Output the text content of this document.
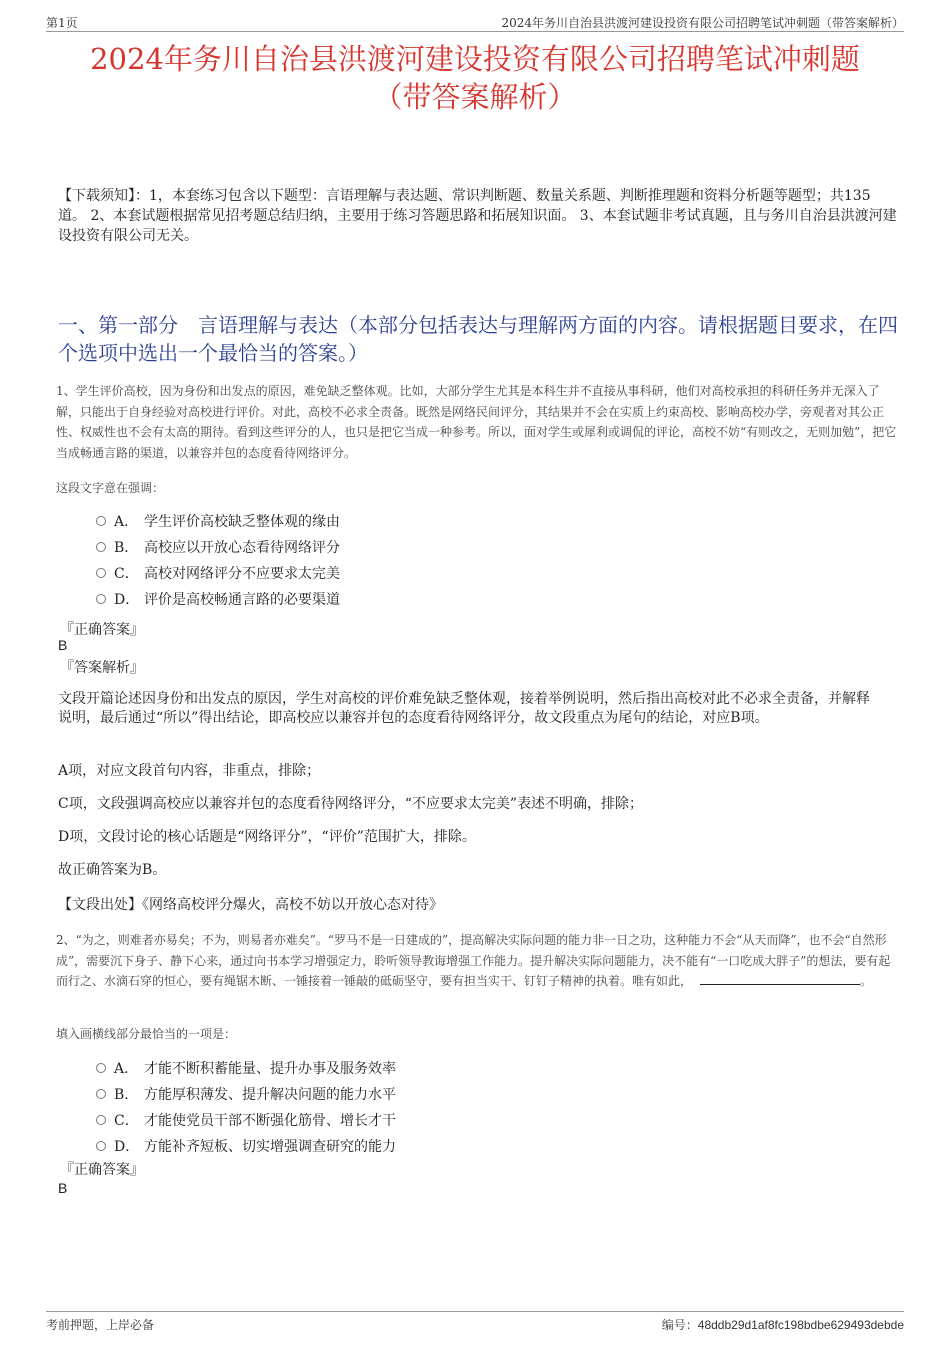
第1页	2024年务川自治县洪渡河建设投资有限公司招聘笔试冲刺题（带答案解析）
2024年务川自治县洪渡河建设投资有限公司招聘笔试冲刺题
（带答案解析）
【下载须知】：1，本套练习包含以下题型：言语理解与表达题、常识判断题、数量关系题、判断推理题和资料分析题等题型；共135道。 2、本套试题根据常见招考题总结归纳，主要用于练习答题思路和拓展知识面。 3、本套试题非考试真题，且与务川自治县洪渡河建设投资有限公司无关。
一、第一部分　言语理解与表达（本部分包括表达与理解两方面的内容。请根据题目要求，在四个选项中选出一个最恰当的答案。）
1、学生评价高校，因为身份和出发点的原因，难免缺乏整体观。比如，大部分学生尤其是本科生并不直接从事科研，他们对高校承担的科研任务并无深入了解，只能出于自身经验对高校进行评价。对此，高校不必求全责备。既然是网络民间评分，其结果并不会在实质上约束高校、影响高校办学，旁观者对其公正性、权威性也不会有太高的期待。看到这些评分的人，也只是把它当成一种参考。所以，面对学生或犀利或调侃的评论，高校不妨“有则改之，无则加勉”，把它当成畅通言路的渠道，以兼容并包的态度看待网络评分。
这段文字意在强调：
A． 学生评价高校缺乏整体观的缘由
B． 高校应以开放心态看待网络评分
C． 高校对网络评分不应要求太完美
D． 评价是高校畅通言路的必要渠道
『正确答案』
B
『答案解析』
文段开篇论述因身份和出发点的原因，学生对高校的评价难免缺乏整体观，接着举例说明，然后指出高校对此不必求全责备，并解释说明，最后通过“所以”得出结论，即高校应以兼容并包的态度看待网络评分，故文段重点为尾句的结论，对应B项。
A项，对应文段首句内容，非重点，排除；
C项，文段强调高校应以兼容并包的态度看待网络评分，“不应要求太完美”表述不明确，排除；
D项，文段讨论的核心话题是“网络评分”，“评价”范围扩大，排除。
故正确答案为B。
【文段出处】《网络高校评分爆火，高校不妨以开放心态对待》
2、“为之，则难者亦易矣；不为，则易者亦难矣”。“罗马不是一日建成的”，提高解决实际问题的能力非一日之功，这种能力不会“从天而降”，也不会“自然形成”，需要沉下身子、静下心来，通过向书本学习增强定力，聆听领导教诲增强工作能力。提升解决实际问题能力，决不能有“一口吃成大胖子”的想法，要有起而行之、水滴石穿的恒心，要有绳锯木断、一锤接着一锤敲的砥砺坚守，要有担当实干、钉钉子精神的执着。唯有如此，	。
填入画横线部分最恰当的一项是：
A． 才能不断积蓄能量、提升办事及服务效率
B． 方能厚积薄发、提升解决问题的能力水平
C． 才能使党员干部不断强化筋骨、增长才干
D． 方能补齐短板、切实增强调查研究的能力
『正确答案』
B
考前押题，上岸必备	编号：48ddb29d1af8fc198bdbe629493debde
